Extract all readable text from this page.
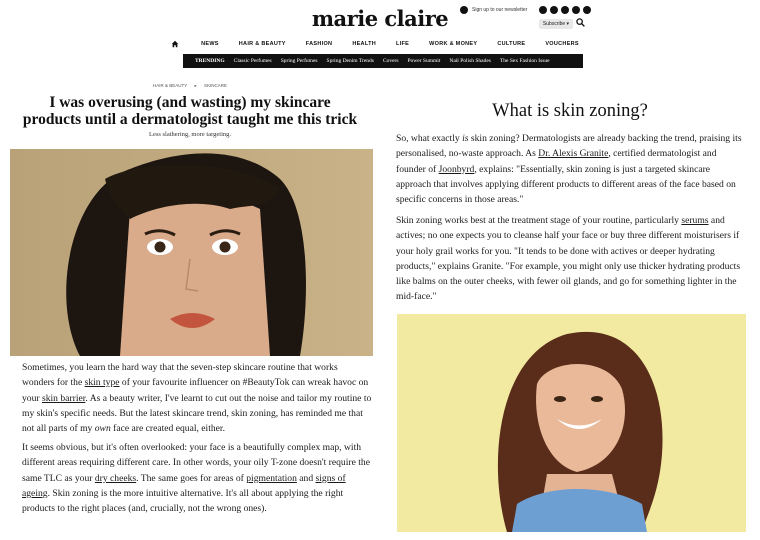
marie claire	Sign up to our newsletter
Subscribe ▾
NEWS	HAIR & BEAUTY	FASHION	HEALTH	LIFE	WORK & MONEY	CULTURE	VOUCHERS
TRENDING Classic Perfumes Spring Perfumes Spring Denim Trends Covers Power Summit Nail Polish Shades The Sex Fashion Issue
HAIR & BEAUTY ▸ SKINCARE
I was overusing (and wasting) my skincare products until a dermatologist taught me this trick
Less slathering, more targeting.
Sometimes, you learn the hard way that the seven-step skincare routine that works wonders for the skin type of your favourite influencer on #BeautyTok can wreak havoc on your skin barrier. As a beauty writer, I've learnt to cut out the noise and tailor my routine to my skin's specific needs. But the latest skincare trend, skin zoning, has reminded me that not all parts of my own face are created equal, either.
It seems obvious, but it's often overlooked: your face is a beautifully complex map, with different areas requiring different care. In other words, your oily T-zone doesn't require the same TLC as your dry cheeks. The same goes for areas of pigmentation and signs of ageing. Skin zoning is the more intuitive alternative. It's all about applying the right products to the right places (and, crucially, not the wrong ones).
What is skin zoning?
So, what exactly is skin zoning? Dermatologists are already backing the trend, praising its personalised, no-waste approach. As Dr. Alexis Granite, certified dermatologist and founder of Joonbyrd, explains: "Essentially, skin zoning is just a targeted skincare approach that involves applying different products to different areas of the face based on specific concerns in those areas."
Skin zoning works best at the treatment stage of your routine, particularly serums and actives; no one expects you to cleanse half your face or buy three different moisturisers if your holy grail works for you. "It tends to be done with actives or deeper hydrating products," explains Granite. "For example, you might only use thicker hydrating products like balms on the outer cheeks, with fewer oil glands, and go for something lighter in the mid-face."
